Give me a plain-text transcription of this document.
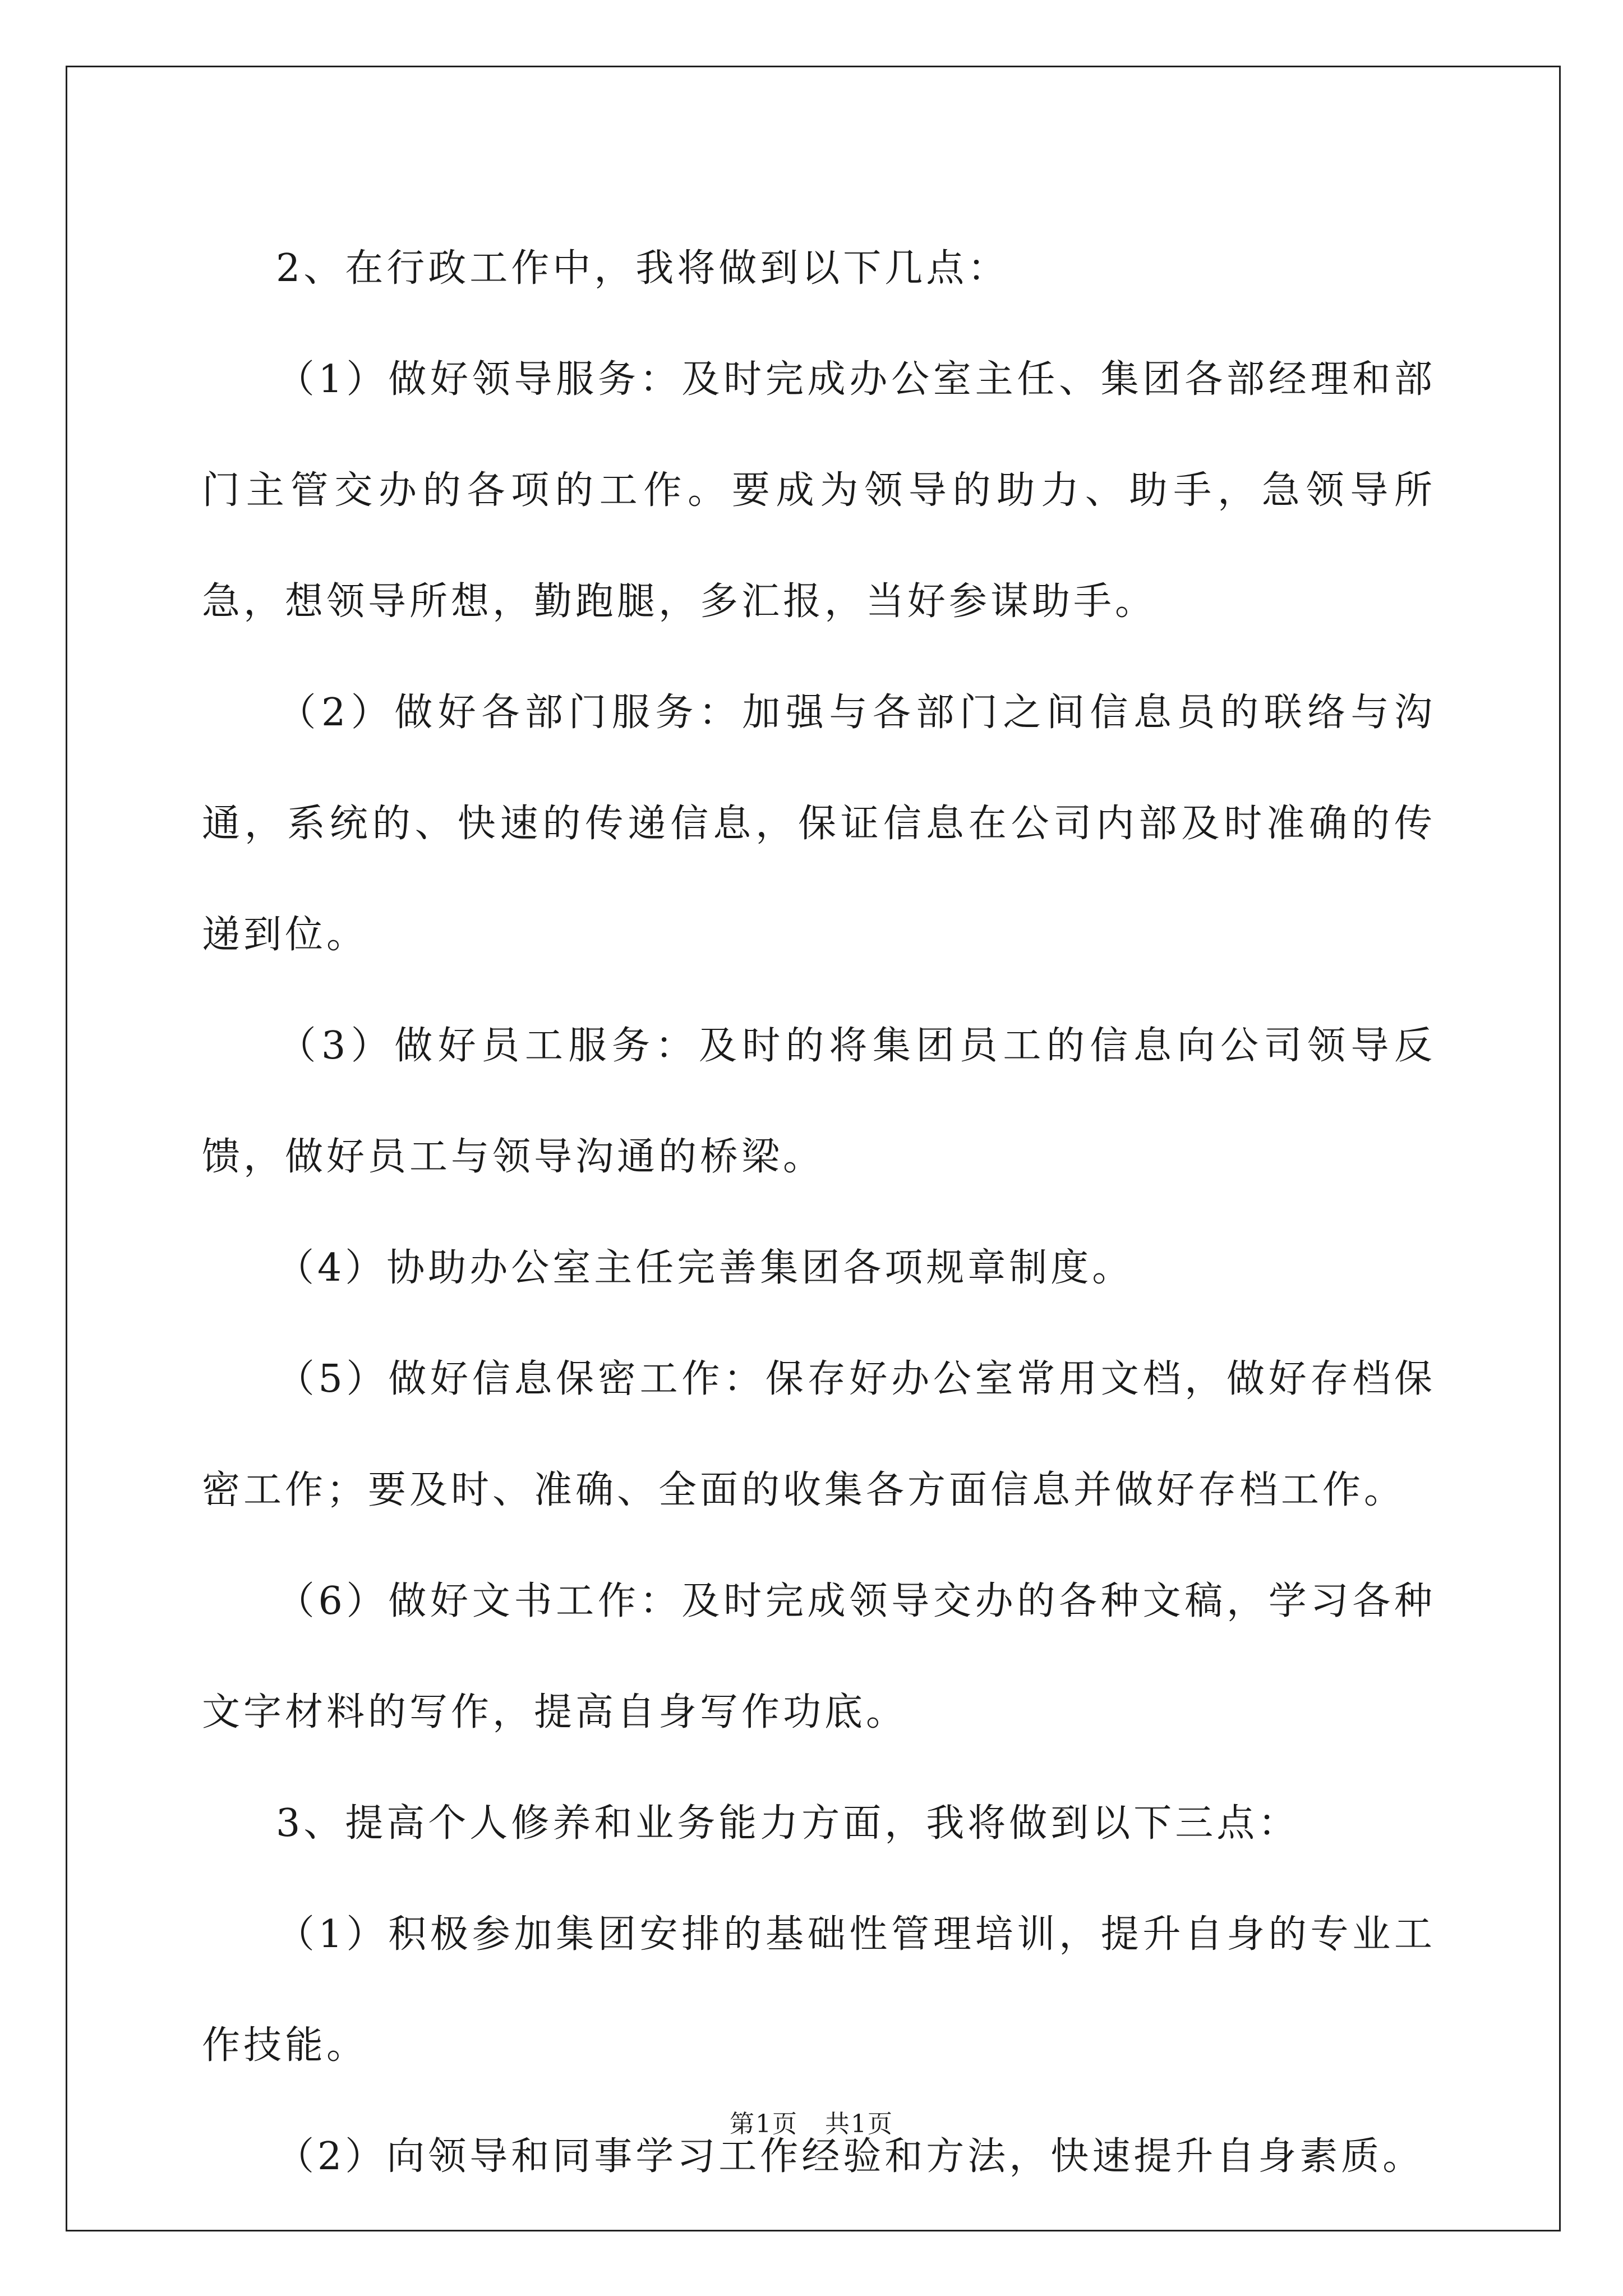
2、在行政工作中，我将做到以下几点：

（1）做好领导服务：及时完成办公室主任、集团各部经理和部门主管交办的各项的工作。要成为领导的助力、助手，急领导所急，想领导所想，勤跑腿，多汇报，当好参谋助手。

（2）做好各部门服务：加强与各部门之间信息员的联络与沟通，系统的、快速的传递信息，保证信息在公司内部及时准确的传递到位。

（3）做好员工服务：及时的将集团员工的信息向公司领导反馈，做好员工与领导沟通的桥梁。

（4）协助办公室主任完善集团各项规章制度。

（5）做好信息保密工作：保存好办公室常用文档，做好存档保密工作；要及时、准确、全面的收集各方面信息并做好存档工作。

（6）做好文书工作：及时完成领导交办的各种文稿，学习各种文字材料的写作，提高自身写作功底。

3、提高个人修养和业务能力方面，我将做到以下三点：

（1）积极参加集团安排的基础性管理培训，提升自身的专业工作技能。

（2）向领导和同事学习工作经验和方法，快速提升自身素质。

第1页 共1页
